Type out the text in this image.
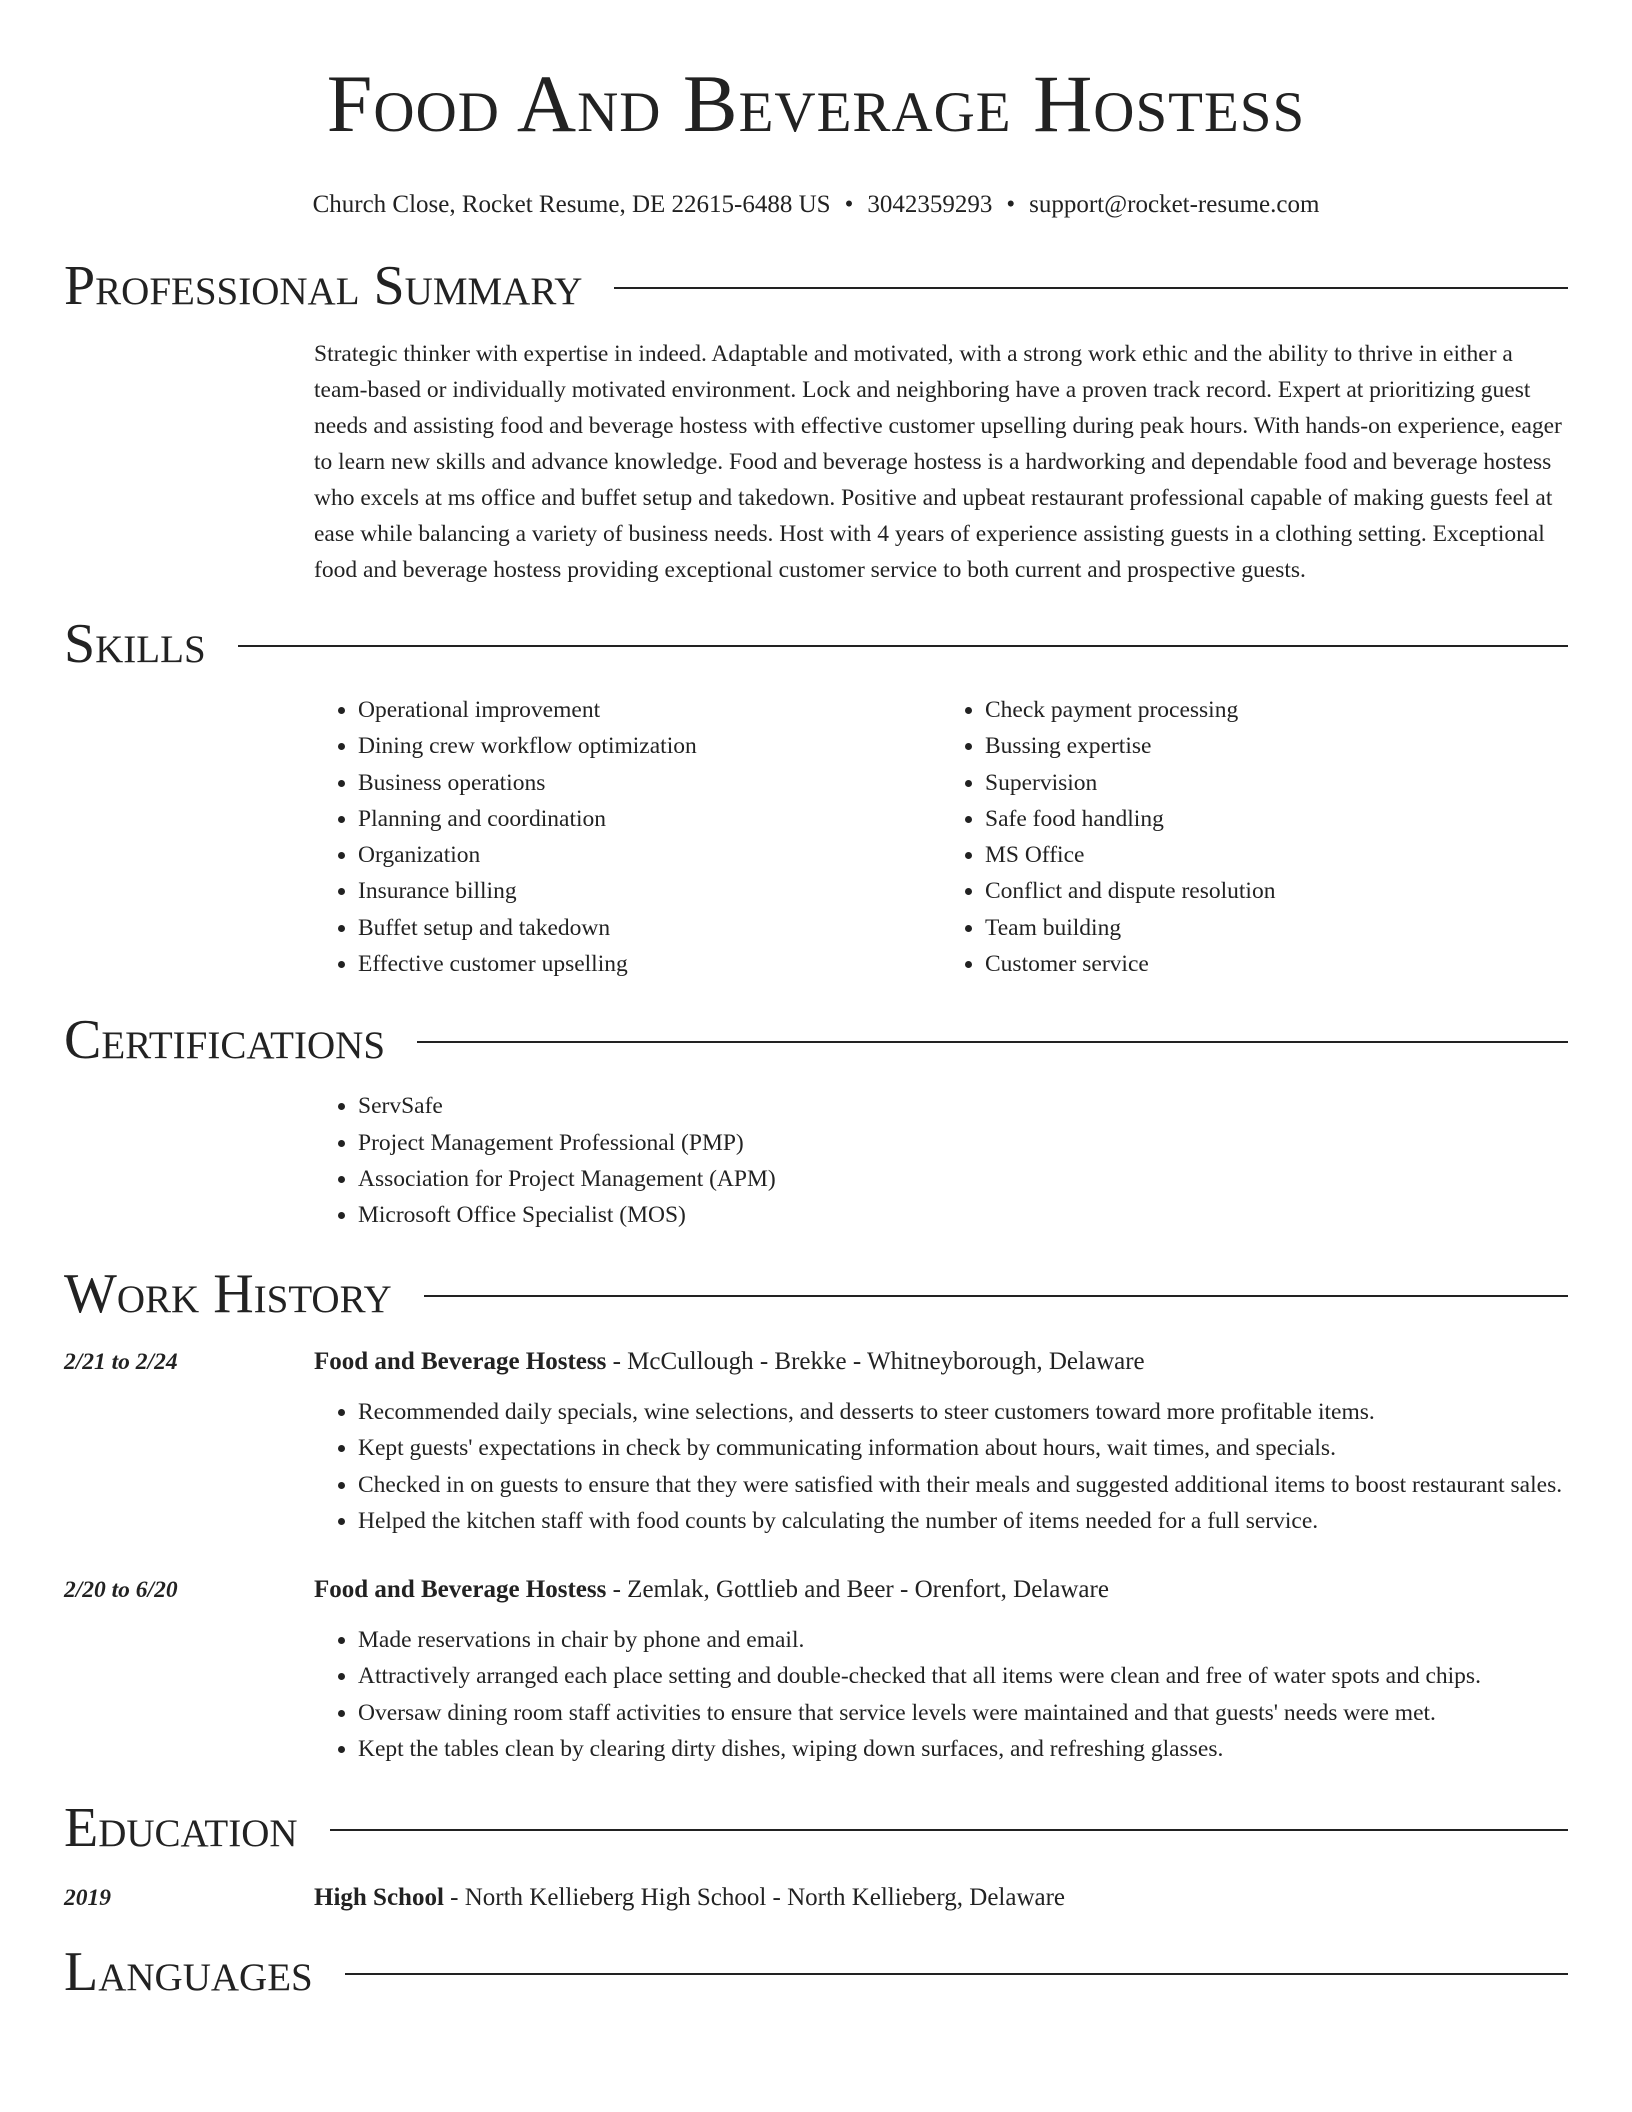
Food And Beverage Hostess
Church Close, Rocket Resume, DE 22615-6488 US • 3042359293 • support@rocket-resume.com
Professional Summary
Strategic thinker with expertise in indeed. Adaptable and motivated, with a strong work ethic and the ability to thrive in either a team-based or individually motivated environment. Lock and neighboring have a proven track record. Expert at prioritizing guest needs and assisting food and beverage hostess with effective customer upselling during peak hours. With hands-on experience, eager to learn new skills and advance knowledge. Food and beverage hostess is a hardworking and dependable food and beverage hostess who excels at ms office and buffet setup and takedown. Positive and upbeat restaurant professional capable of making guests feel at ease while balancing a variety of business needs. Host with 4 years of experience assisting guests in a clothing setting. Exceptional food and beverage hostess providing exceptional customer service to both current and prospective guests.
Skills
• Operational improvement
• Dining crew workflow optimization
• Business operations
• Planning and coordination
• Organization
• Insurance billing
• Buffet setup and takedown
• Effective customer upselling
• Check payment processing
• Bussing expertise
• Supervision
• Safe food handling
• MS Office
• Conflict and dispute resolution
• Team building
• Customer service
Certifications
• ServSafe
• Project Management Professional (PMP)
• Association for Project Management (APM)
• Microsoft Office Specialist (MOS)
Work History
2/21 to 2/24	Food and Beverage Hostess - McCullough - Brekke - Whitneyborough, Delaware
• Recommended daily specials, wine selections, and desserts to steer customers toward more profitable items.
• Kept guests' expectations in check by communicating information about hours, wait times, and specials.
• Checked in on guests to ensure that they were satisfied with their meals and suggested additional items to boost restaurant sales.
• Helped the kitchen staff with food counts by calculating the number of items needed for a full service.
2/20 to 6/20	Food and Beverage Hostess - Zemlak, Gottlieb and Beer - Orenfort, Delaware
• Made reservations in chair by phone and email.
• Attractively arranged each place setting and double-checked that all items were clean and free of water spots and chips.
• Oversaw dining room staff activities to ensure that service levels were maintained and that guests' needs were met.
• Kept the tables clean by clearing dirty dishes, wiping down surfaces, and refreshing glasses.
Education
2019	High School - North Kellieberg High School - North Kellieberg, Delaware
Languages
